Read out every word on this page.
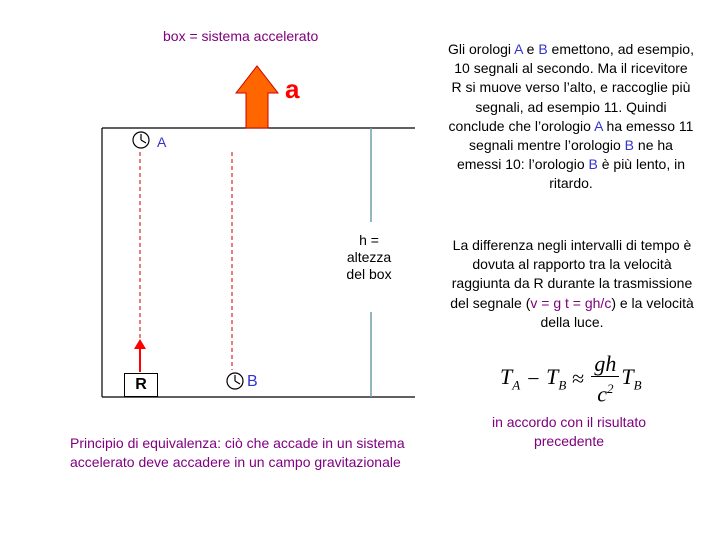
box = sistema accelerato
a
A
B
R
h =
altezza
del box
Gli orologi A e B emettono, ad esempio, 10 segnali al secondo. Ma il ricevitore R si muove verso l’alto, e raccoglie più segnali, ad esempio 11. Quindi conclude che l’orologio A ha emesso 11 segnali mentre l’orologio B ne ha emessi 10: l’orologio B è più lento, in ritardo.
La differenza negli intervalli di tempo è dovuta al rapporto tra la velocità raggiunta da R durante la trasmissione del segnale (v = g t = gh/c) e la velocità della luce.
$T_A - T_B \approx \frac{gh}{c^2} T_B$
in accordo con il risultato precedente
Principio di equivalenza: ciò che accade in un sistema accelerato deve accadere in un campo gravitazionale
